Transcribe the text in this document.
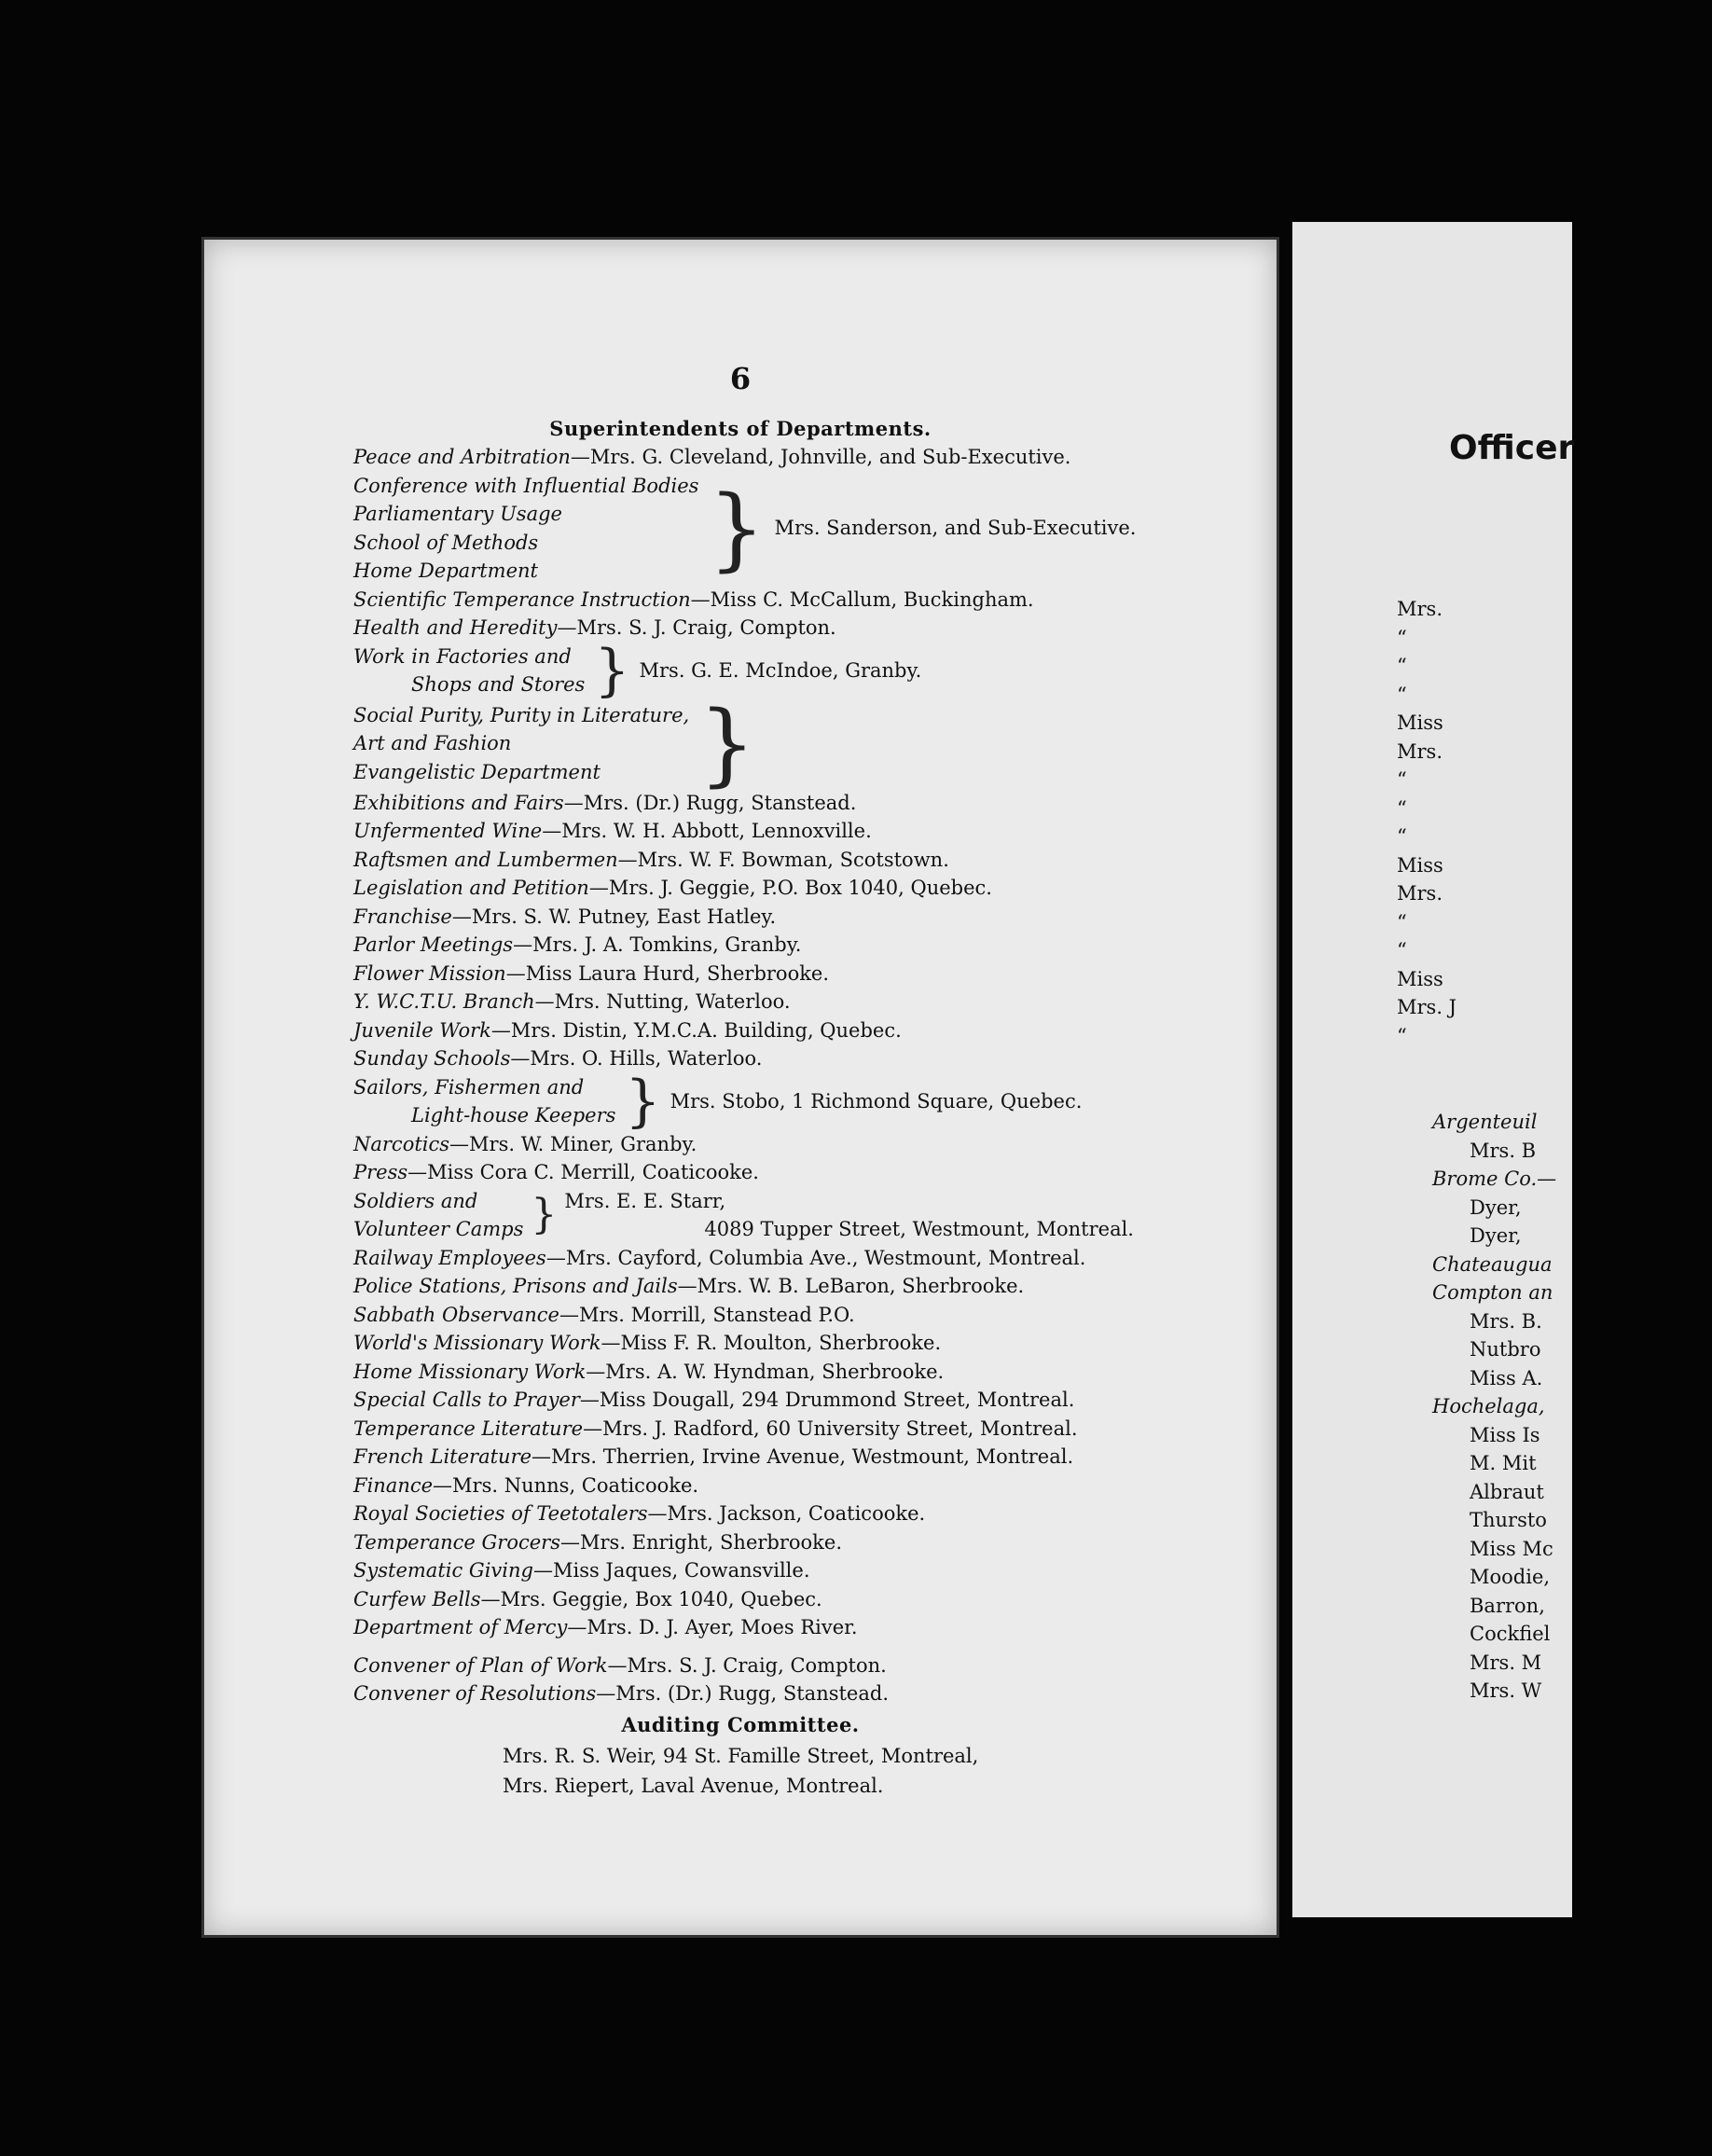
6
Superintendents of Departments.
Peace and Arbitration—Mrs. G. Cleveland, Johnville, and Sub-Executive.
Conference with Influential Bodies
Parliamentary Usage
School of Methods
Home Department	} Mrs. Sanderson, and Sub-Executive.
Scientific Temperance Instruction—Miss C. McCallum, Buckingham.
Health and Heredity—Mrs. S. J. Craig, Compton.
Work in Factories and
Shops and Stores } Mrs. G. E. McIndoe, Granby.
Social Purity, Purity in Literature,
Art and Fashion
Evangelistic Department	}
Exhibitions and Fairs—Mrs. (Dr.) Rugg, Stanstead.
Unfermented Wine—Mrs. W. H. Abbott, Lennoxville.
Raftsmen and Lumbermen—Mrs. W. F. Bowman, Scotstown.
Legislation and Petition—Mrs. J. Geggie, P.O. Box 1040, Quebec.
Franchise—Mrs. S. W. Putney, East Hatley.
Parlor Meetings—Mrs. J. A. Tomkins, Granby.
Flower Mission—Miss Laura Hurd, Sherbrooke.
Y. W.C.T.U. Branch—Mrs. Nutting, Waterloo.
Juvenile Work—Mrs. Distin, Y.M.C.A. Building, Quebec.
Sunday Schools—Mrs. O. Hills, Waterloo.
Sailors, Fishermen and
Light-house Keepers } Mrs. Stobo, 1 Richmond Square, Quebec.
Narcotics—Mrs. W. Miner, Granby.
Press—Miss Cora C. Merrill, Coaticooke.
Soldiers and
Volunteer Camps } Mrs. E. E. Starr,
4089 Tupper Street, Westmount, Montreal.
Railway Employees—Mrs. Cayford, Columbia Ave., Westmount, Montreal.
Police Stations, Prisons and Jails—Mrs. W. B. LeBaron, Sherbrooke.
Sabbath Observance—Mrs. Morrill, Stanstead P.O.
World's Missionary Work—Miss F. R. Moulton, Sherbrooke.
Home Missionary Work—Mrs. A. W. Hyndman, Sherbrooke.
Special Calls to Prayer—Miss Dougall, 294 Drummond Street, Montreal.
Temperance Literature—Mrs. J. Radford, 60 University Street, Montreal.
French Literature—Mrs. Therrien, Irvine Avenue, Westmount, Montreal.
Finance—Mrs. Nunns, Coaticooke.
Royal Societies of Teetotalers—Mrs. Jackson, Coaticooke.
Temperance Grocers—Mrs. Enright, Sherbrooke.
Systematic Giving—Miss Jaques, Cowansville.
Curfew Bells—Mrs. Geggie, Box 1040, Quebec.
Department of Mercy—Mrs. D. J. Ayer, Moes River.
Convener of Plan of Work—Mrs. S. J. Craig, Compton.
Convener of Resolutions—Mrs. (Dr.) Rugg, Stanstead.
Auditing Committee.
Mrs. R. S. Weir, 94 St. Famille Street, Montreal,
Mrs. Riepert, Laval Avenue, Montreal.
Officer
Mrs.
“
“
“
Miss
Mrs.
“
“
“
Miss
Mrs.
“
“
Miss
Mrs. J
“
Argenteuil
Mrs. B
Brome Co.—
Dyer,
Dyer,
Chateaugua
Compton an
Mrs. B.
Nutbro
Miss A.
Hochelaga,
Miss Is
M. Mit
Albraut
Thursto
Miss Mc
Moodie,
Barron,
Cockfiel
Mrs. M
Mrs. W
